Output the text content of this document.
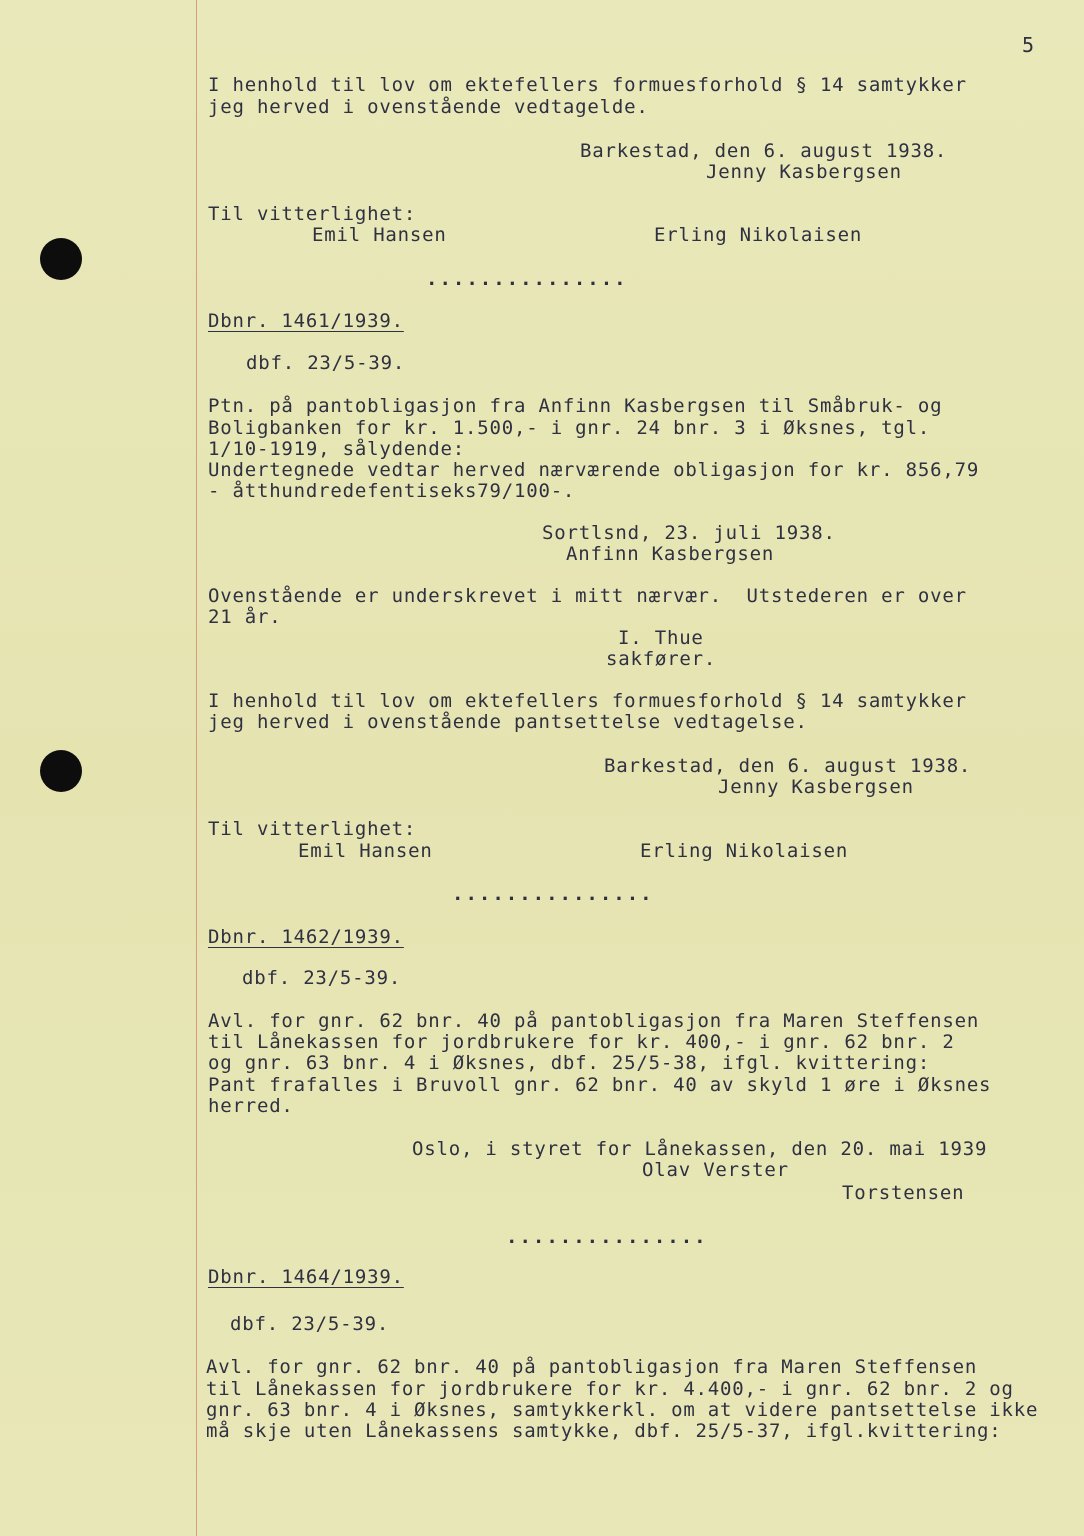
5
I henhold til lov om ektefellers formuesforhold § 14 samtykker
jeg herved i ovenstående vedtagelde.
Barkestad, den 6. august 1938.
Jenny Kasbergsen
Til vitterlighet:
Emil Hansen	Erling Nikolaisen
...............
Dbnr. 1461/1939.
dbf. 23/5-39.
Ptn. på pantobligasjon fra Anfinn Kasbergsen til Småbruk- og
Boligbanken for kr. 1.500,- i gnr. 24 bnr. 3 i Øksnes, tgl.
1/10-1919, sålydende:
Undertegnede vedtar herved nærværende obligasjon for kr. 856,79
- åtthundredefentiseks79/100-.
Sortlsnd, 23. juli 1938.
Anfinn Kasbergsen
Ovenstående er underskrevet i mitt nærvær.  Utstederen er over
21 år.
I. Thue
sakfører.
I henhold til lov om ektefellers formuesforhold § 14 samtykker
jeg herved i ovenstående pantsettelse vedtagelse.
Barkestad, den 6. august 1938.
Jenny Kasbergsen
Til vitterlighet:
Emil Hansen	Erling Nikolaisen
...............
Dbnr. 1462/1939.
dbf. 23/5-39.
Avl. for gnr. 62 bnr. 40 på pantobligasjon fra Maren Steffensen
til Lånekassen for jordbrukere for kr. 400,- i gnr. 62 bnr. 2
og gnr. 63 bnr. 4 i Øksnes, dbf. 25/5-38, ifgl. kvittering:
Pant frafalles i Bruvoll gnr. 62 bnr. 40 av skyld 1 øre i Øksnes
herred.
Oslo, i styret for Lånekassen, den 20. mai 1939
Olav Verster
Torstensen
...............
Dbnr. 1464/1939.
dbf. 23/5-39.
Avl. for gnr. 62 bnr. 40 på pantobligasjon fra Maren Steffensen
til Lånekassen for jordbrukere for kr. 4.400,- i gnr. 62 bnr. 2 og
gnr. 63 bnr. 4 i Øksnes, samtykkerkl. om at videre pantsettelse ikke
må skje uten Lånekassens samtykke, dbf. 25/5-37, ifgl.kvittering:
